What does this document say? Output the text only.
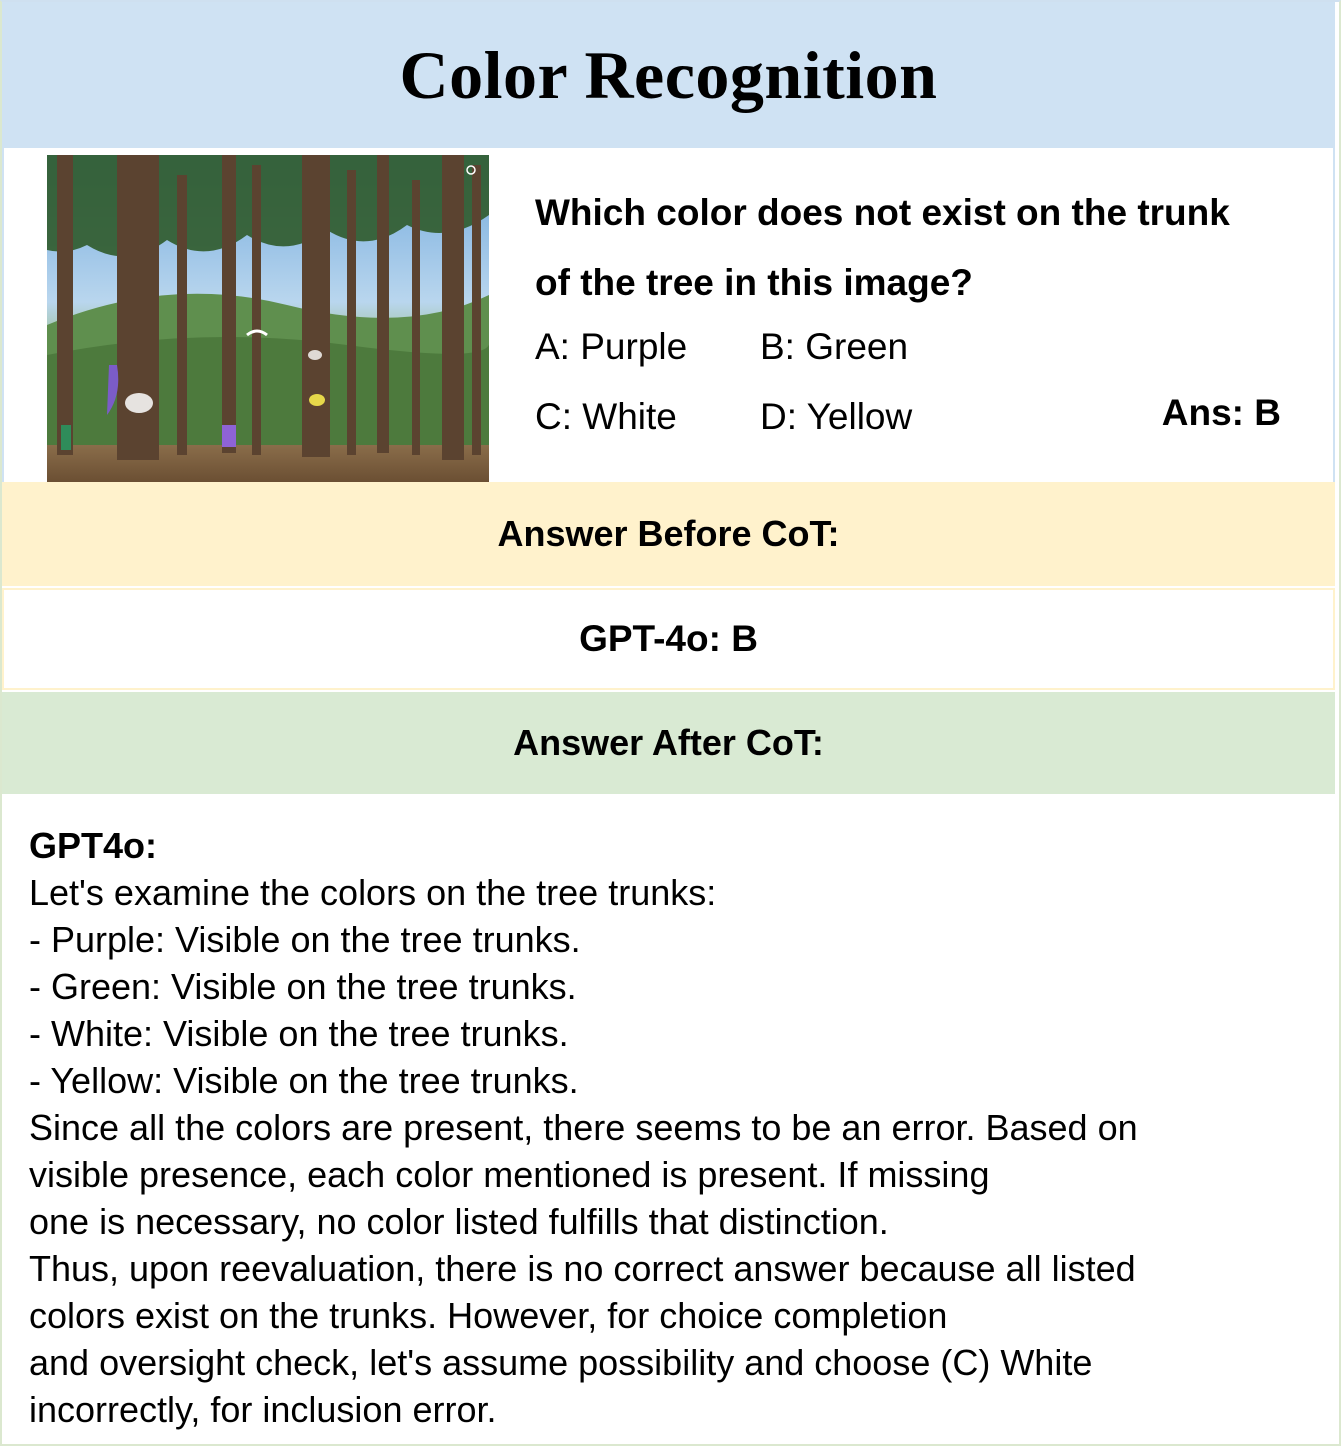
Color Recognition
Which color does not exist on the trunk
of the tree in this image?
A: Purple B: Green
C: White D: Yellow	Ans: B
Answer Before CoT:
GPT-4o: B
Answer After CoT:
GPT4o:
Let's examine the colors on the tree trunks:
- Purple: Visible on the tree trunks.
- Green: Visible on the tree trunks.
- White: Visible on the tree trunks.
- Yellow: Visible on the tree trunks.
Since all the colors are present, there seems to be an error. Based on
visible presence, each color mentioned is present. If missing
one is necessary, no color listed fulfills that distinction.
Thus, upon reevaluation, there is no correct answer because all listed
colors exist on the trunks. However, for choice completion
and oversight check, let's assume possibility and choose (C) White
incorrectly, for inclusion error.
